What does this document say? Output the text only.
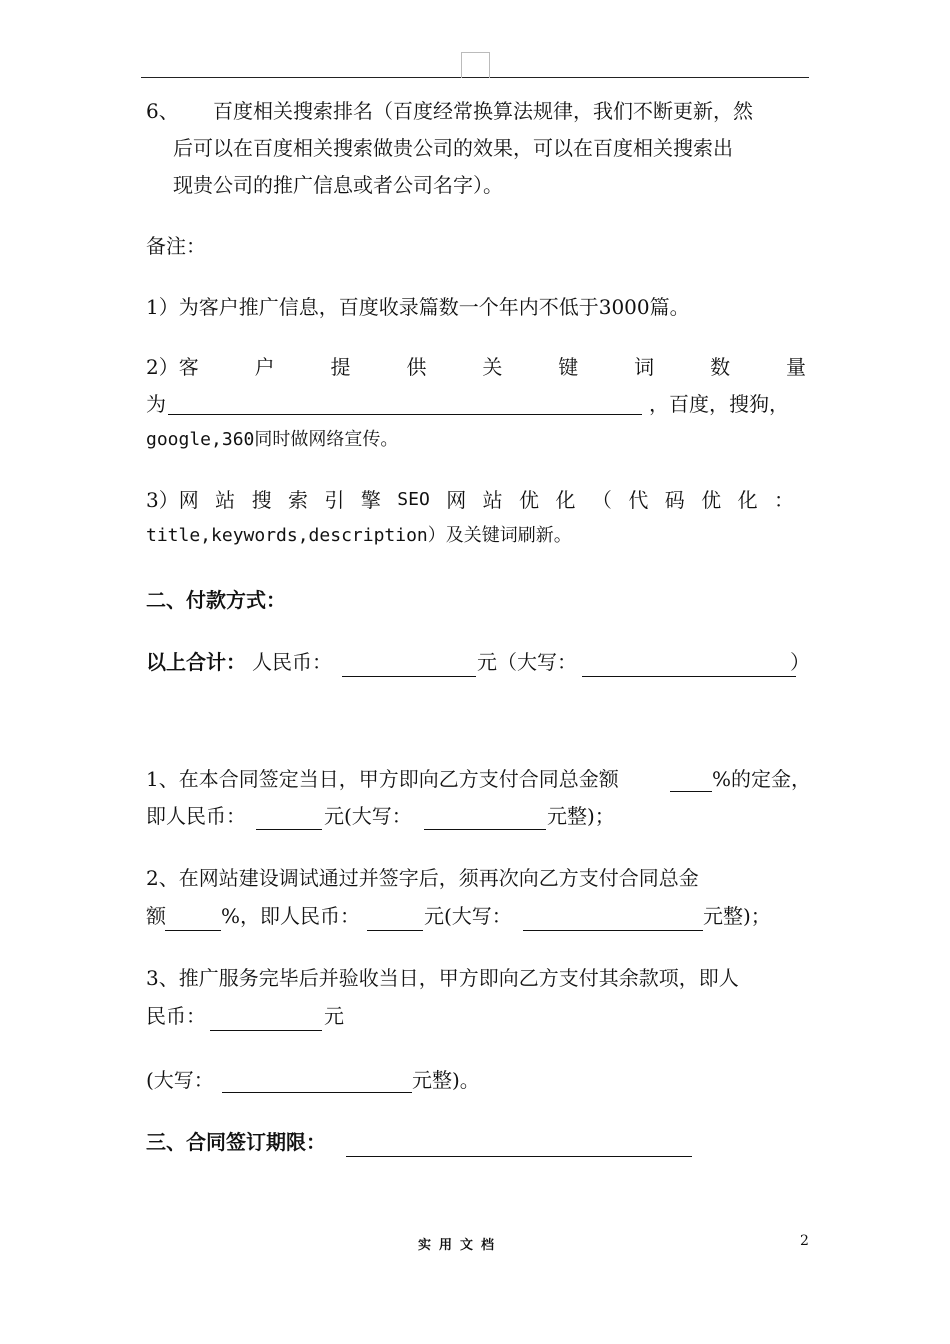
6、 百度相关搜索排名（百度经常换算法规律，我们不断更新，然
后可以在百度相关搜索做贵公司的效果，可以在百度相关搜索出
现贵公司的推广信息或者公司名字）。
备注：
1）为客户推广信息，百度收录篇数一个年内不低于3000篇。
2）客	户	提	供	关	键	词	数	量
为	，百度，搜狗，
google,360同时做网络宣传。
3）网 站 搜 索 引 擎 SEO 网 站 优 化 （ 代 码 优 化 ：
title,keywords,description）及关键词刷新。
二、付款方式：
以上合计： 人民币：	元（大写：	）
1、在本合同签定当日，甲方即向乙方支付合同总金额	%的定金，
即人民币：	元(大写：	元整)；
2、在网站建设调试通过并签字后，须再次向乙方支付合同总金
额	%，即人民币：	元(大写：	元整)；
3、推广服务完毕后并验收当日，甲方即向乙方支付其余款项，即人
民币：	元
(大写：	元整)。
三、合同签订期限：
实用文档	2
